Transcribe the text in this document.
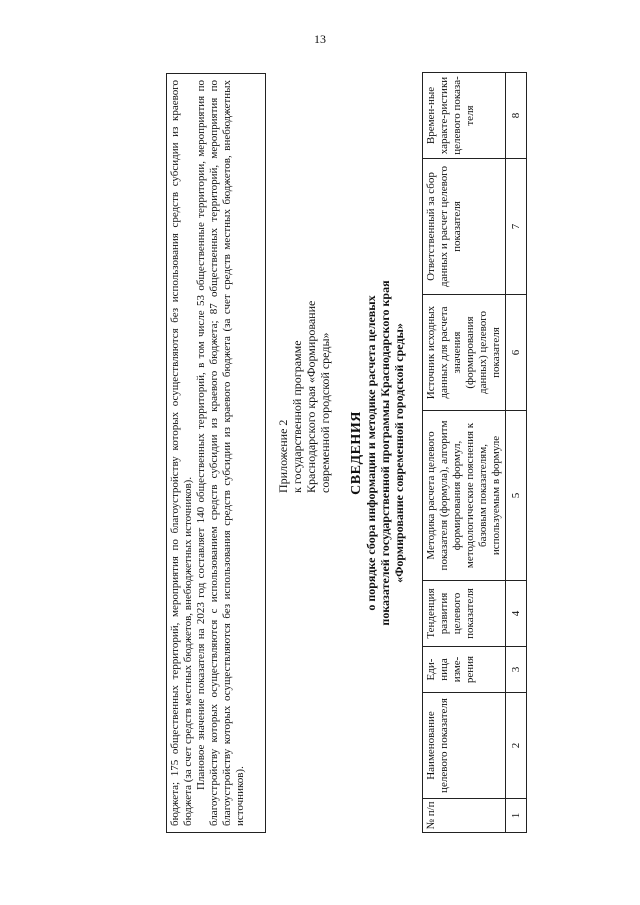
13

бюджета; 175 общественных территорий, мероприятия по благоустройству которых осуществляются без использования средств субсидии из краевого бюджета (за счет средств местных бюджетов, внебюджетных источников). Плановое значение показателя на 2023 год составляет 140 общественных территорий, в том числе 53 общественные территории, мероприятия по благоустройству которых осуществляются с использованием средств субсидии из краевого бюджета; 87 общественных территорий, мероприятия по благоустройству которых осуществляются без использования средств субсидии из краевого бюджета (за счет средств местных бюджетов, внебюджетных источников).

Приложение 2 к государственной программе Краснодарского края «Формирование современной городской среды» СВЕДЕНИЯ о порядке сбора информации и методике расчета целевых показателей государственной программы Краснодарского края «Формирование современной городской среды»
№ п/п	Наименование целевого показателя	Еди-ница изме-рения	Тенденция развития целевого показателя	Методика расчета целевого показателя (формула), алгоритм формирования формул, методологические пояснения к базовым показателям, используемым в формуле	Источник исходных данных для расчета значения (формирования данных) целевого показателя	Ответственный за сбор данных и расчет целевого показателя	Времен-ные характе-ристики целевого показа-теля
1	2	3	4	5	6	7	8
